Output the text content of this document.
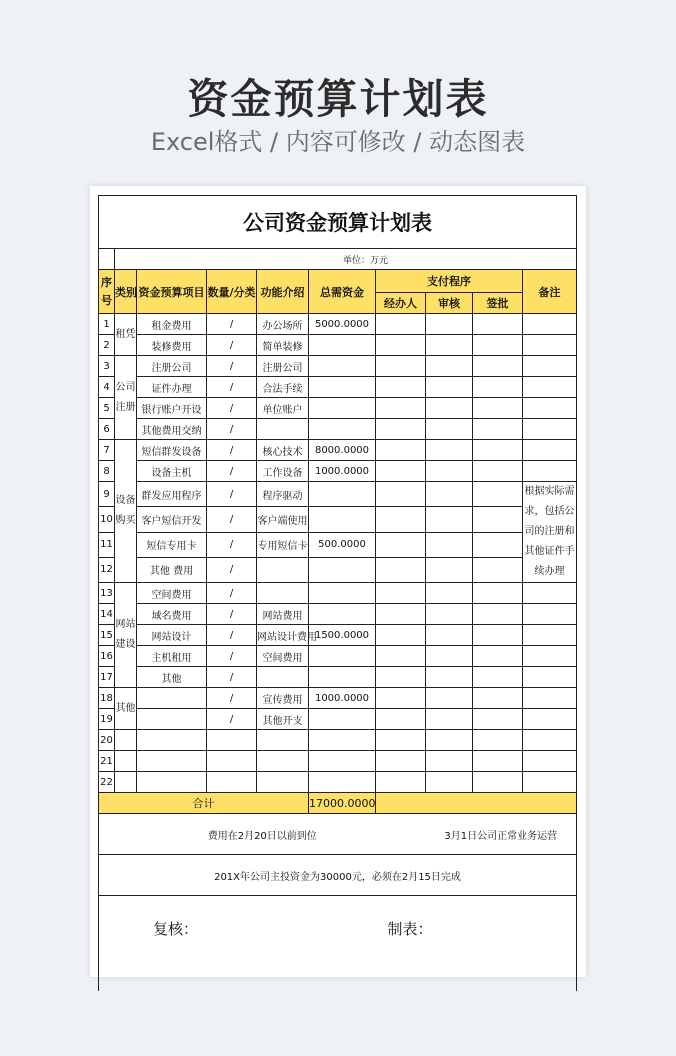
资金预算计划表
Excel格式 / 内容可修改 / 动态图表
公司资金预算计划表									
	单位：万元								
序号	类别	资金预算项目	数量/分类	功能介绍	总需资金	支付程序			备注
						经办人	审核	签批	
1	租凭	租金费用	/	办公场所	5000.0000				
2		装修费用	/	简单装修					
3	公司注册	注册公司	/	注册公司					
4		证件办理	/	合法手续					
5		银行账户开设	/	单位账户					
6		其他费用交纳	/						
7	设备购买	短信群发设备	/	核心技术	8000.0000				
8		设备主机	/	工作设备	1000.0000				
9		群发应用程序	/	程序驱动					根据实际需求，包括公司的注册和其他证件手续办理
10		客户短信开发	/	客户端使用					
11		短信专用卡	/	专用短信卡	500.0000				
12		其他 费用	/						
13	网站建设	空间费用	/						
14		域名费用	/	网站费用					
15		网站设计	/	网站设计费用	1500.0000				
16		主机租用	/	空间费用					
17		其他	/						
18	其他		/	宣传费用	1000.0000				
19			/	其他开支					
20									
21									
22									
合计					17000.0000				
费用在2月20日以前到位							3月1日公司正常业务运营		
201X年公司主投资金为30000元，必须在2月15日完成									
复核：						制表：			
